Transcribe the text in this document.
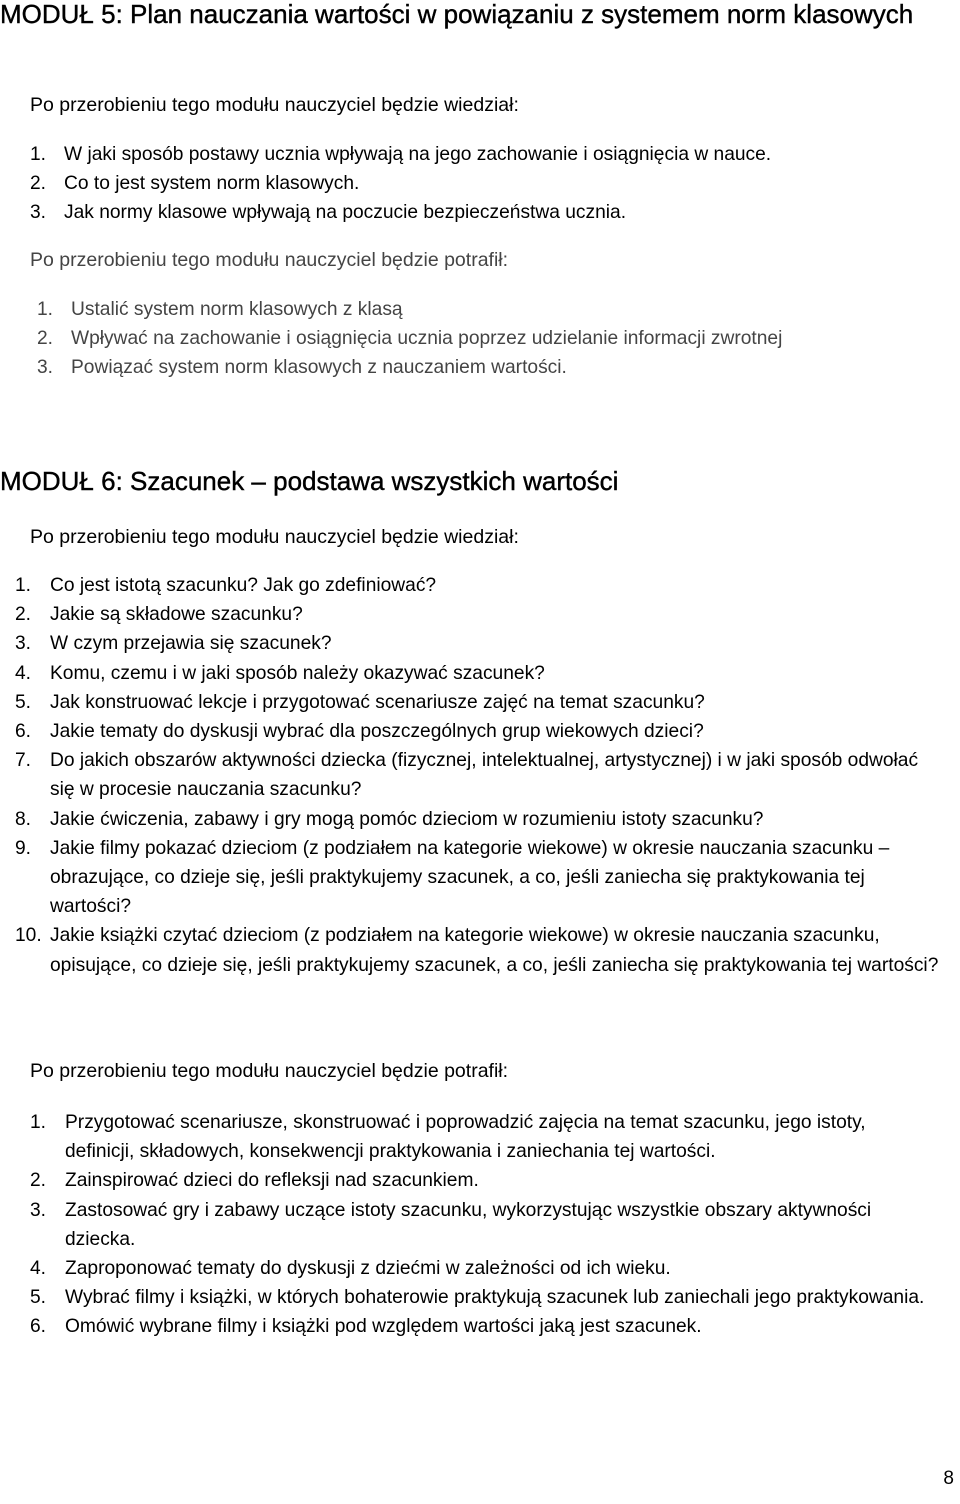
MODUŁ 5: Plan nauczania wartości w powiązaniu z systemem norm klasowych

Po przerobieniu tego modułu nauczyciel będzie wiedział:

1. W jaki sposób postawy ucznia wpływają na jego zachowanie i osiągnięcia w nauce.
2. Co to jest system norm klasowych.
3. Jak normy klasowe wpływają na poczucie bezpieczeństwa ucznia.

Po przerobieniu tego modułu nauczyciel będzie potrafił:

1. Ustalić system norm klasowych z klasą
2. Wpływać na zachowanie i osiągnięcia ucznia poprzez udzielanie informacji zwrotnej
3. Powiązać system norm klasowych z nauczaniem wartości.
MODUŁ 6: Szacunek – podstawa wszystkich wartości

Po przerobieniu tego modułu nauczyciel będzie wiedział:

1. Co jest istotą szacunku? Jak go zdefiniować?
2. Jakie są składowe szacunku?
3. W czym przejawia się szacunek?
4. Komu, czemu i w jaki sposób należy okazywać szacunek?
5. Jak konstruować lekcje i przygotować scenariusze zajęć na temat szacunku?
6. Jakie tematy do dyskusji wybrać dla poszczególnych grup wiekowych dzieci?
7. Do jakich obszarów aktywności dziecka (fizycznej, intelektualnej, artystycznej) i w jaki sposób odwołać się w procesie nauczania szacunku?
8. Jakie ćwiczenia, zabawy i gry mogą pomóc dzieciom w rozumieniu istoty szacunku?
9. Jakie filmy pokazać dzieciom (z podziałem na kategorie wiekowe) w okresie nauczania szacunku – obrazujące, co dzieje się, jeśli praktykujemy szacunek, a co, jeśli zaniecha się praktykowania tej wartości?
10. Jakie książki czytać dzieciom (z podziałem na kategorie wiekowe) w okresie nauczania szacunku, opisujące, co dzieje się, jeśli praktykujemy szacunek, a co, jeśli zaniecha się praktykowania tej wartości?

Po przerobieniu tego modułu nauczyciel będzie potrafił:

1. Przygotować scenariusze, skonstruować i poprowadzić zajęcia na temat szacunku, jego istoty, definicji, składowych, konsekwencji praktykowania i zaniechania tej wartości.
2. Zainspirować dzieci do refleksji nad szacunkiem.
3. Zastosować gry i zabawy uczące istoty szacunku, wykorzystując wszystkie obszary aktywności dziecka.
4. Zaproponować tematy do dyskusji z dziećmi w zależności od ich wieku.
5. Wybrać filmy i książki, w których bohaterowie praktykują szacunek lub zaniechali jego praktykowania.
6. Omówić wybrane filmy i książki pod względem wartości jaką jest szacunek.
8
